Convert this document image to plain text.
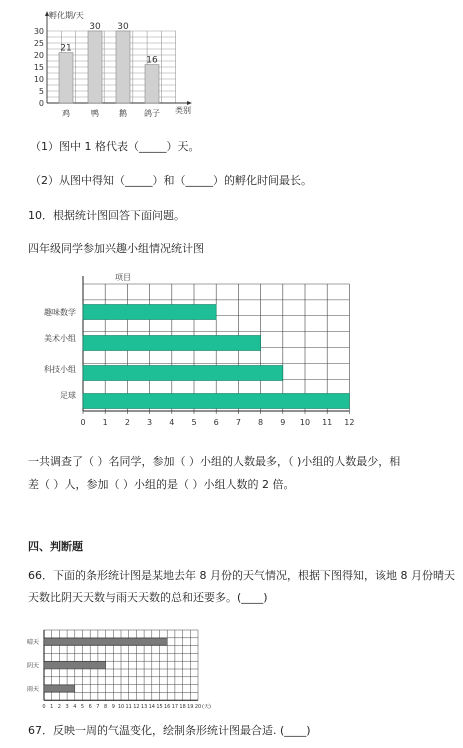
孵化期/天
类别
0
5
10
15
20
25
30
21
鸡
30
鸭
30
鹅
16
鸽子
（1）图中 1 格代表（_____）天。
（2）从图中得知（_____）和（_____）的孵化时间最长。
10．根据统计图回答下面问题。
四年级同学参加兴趣小组情况统计图
0 1 2 3 4 5 6 7 8 9 10 11 12
项目
趣味数学
美术小组
科技小组
足球
一共调查了（ ）名同学，参加（ ）小组的人数最多，（ )小组的人数最少，相
差（ ）人，参加（ ）小组的是（ ）小组人数的 2 倍。
四、判断题
66．下面的条形统计图是某地去年 8 月份的天气情况，根据下图得知，该地 8 月份晴天
天数比阴天天数与雨天天数的总和还要多。(____)
晴天
阴天
雨天
0 1 2 3 4 5 6 7 8 9 10 11 12 13 14 15 16 17 18 19 20 (天)
67．反映一周的气温变化，绘制条形统计图最合适. (____)
